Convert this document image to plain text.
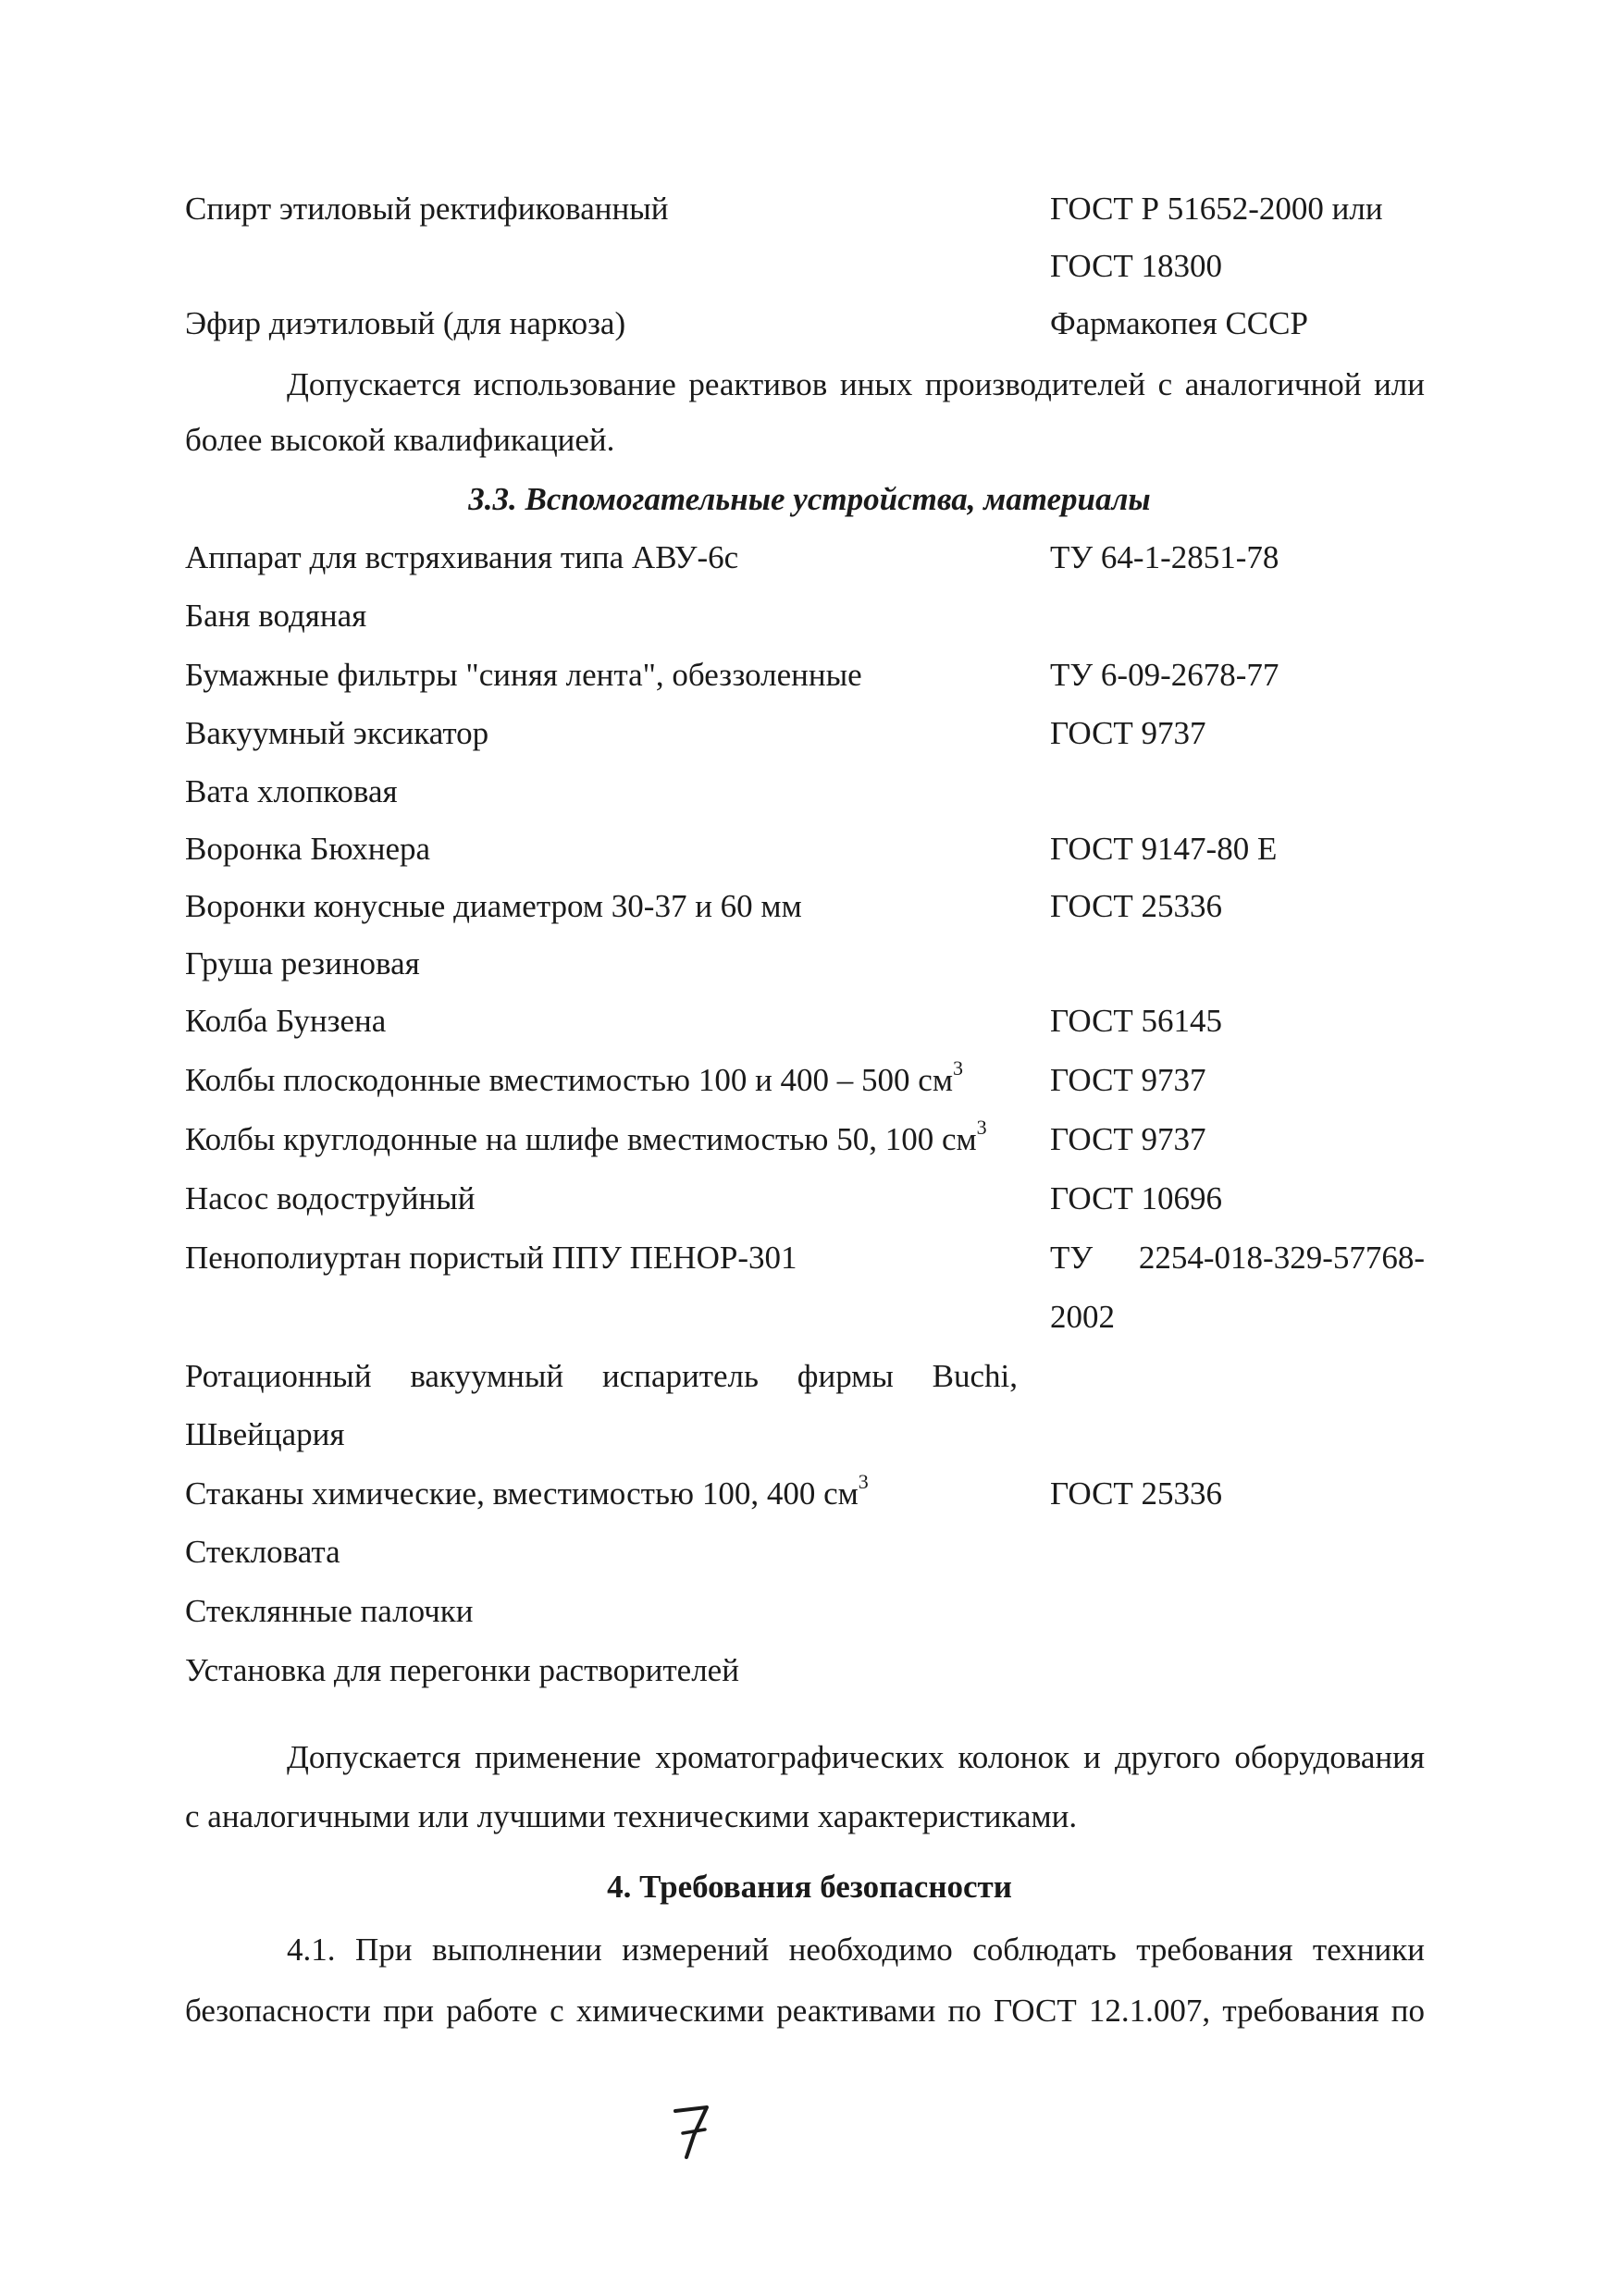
Спирт этиловый ректификованный	ГОСТ Р 51652-2000 или
ГОСТ 18300
Эфир диэтиловый (для наркоза)	Фармакопея СССР
Допускается использование реактивов иных производителей с аналогичной или
более высокой квалификацией.
3.3. Вспомогательные устройства, материалы
Аппарат для встряхивания типа АВУ-6с	ТУ 64-1-2851-78
Баня водяная
Бумажные фильтры "синяя лента", обеззоленные	ТУ 6-09-2678-77
Вакуумный эксикатор	ГОСТ 9737
Вата хлопковая
Воронка Бюхнера	ГОСТ 9147-80 Е
Воронки конусные диаметром 30-37 и 60 мм	ГОСТ 25336
Груша резиновая
Колба Бунзена	ГОСТ 56145
Колбы плоскодонные вместимостью 100 и 400 – 500 $см^3$	ГОСТ 9737
Колбы круглодонные на шлифе вместимостью 50, 100 $см^3$ ГОСТ 9737
Насос водоструйный	ГОСТ 10696
Пенополиуртан пористый ППУ ПЕНОР-301	ТУ 2254-018-329-57768-
2002
Ротационный вакуумный испаритель фирмы Buchi,
Швейцария
Стаканы химические, вместимостью 100, 400 $см^3$	ГОСТ 25336
Стекловата
Стеклянные палочки
Установка для перегонки растворителей
Допускается применение хроматографических колонок и другого оборудования
с аналогичными или лучшими техническими характеристиками.
4. Требования безопасности
4.1. При выполнении измерений необходимо соблюдать требования техники
безопасности при работе с химическими реактивами по ГОСТ 12.1.007, требования по
